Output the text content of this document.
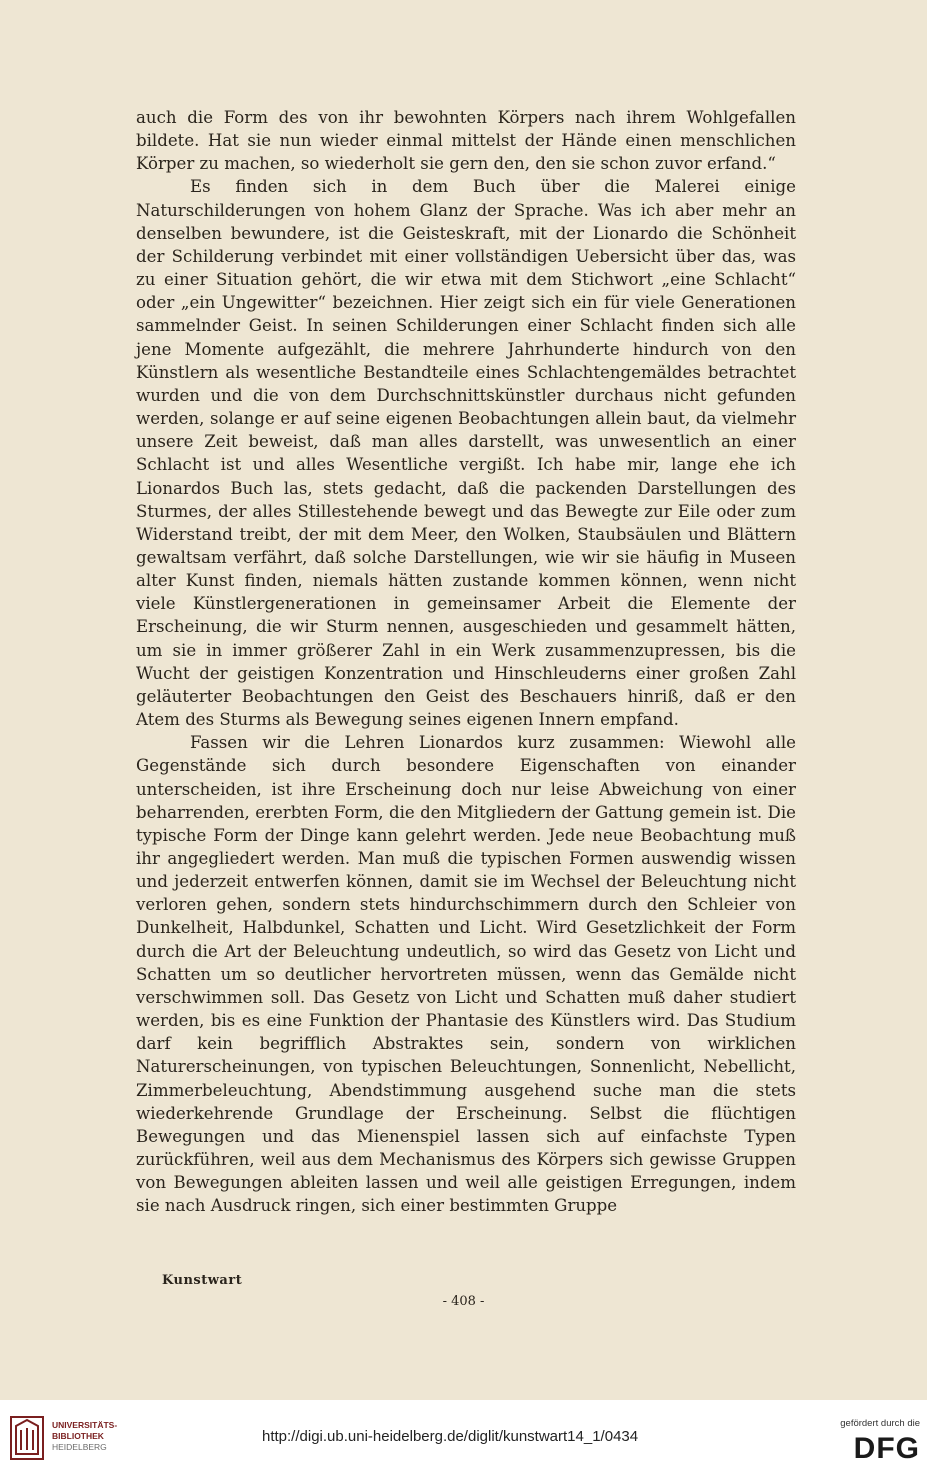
auch die Form des von ihr bewohnten Körpers nach ihrem Wohlgefallen bildete. Hat sie nun wieder einmal mittelst der Hände einen menschlichen Körper zu machen, so wiederholt sie gern den, den sie schon zuvor erfand.“

Es finden sich in dem Buch über die Malerei einige Naturschilderungen von hohem Glanz der Sprache. Was ich aber mehr an denselben bewundere, ist die Geisteskraft, mit der Lionardo die Schönheit der Schilderung verbindet mit einer vollständigen Uebersicht über das, was zu einer Situation gehört, die wir etwa mit dem Stichwort „eine Schlacht“ oder „ein Ungewitter“ bezeichnen. Hier zeigt sich ein für viele Generationen sammelnder Geist. In seinen Schilderungen einer Schlacht finden sich alle jene Momente aufgezählt, die mehrere Jahrhunderte hindurch von den Künstlern als wesentliche Bestandteile eines Schlachtengemäldes betrachtet wurden und die von dem Durchschnittskünstler durchaus nicht gefunden werden, solange er auf seine eigenen Beobachtungen allein baut, da vielmehr unsere Zeit beweist, daß man alles darstellt, was unwesentlich an einer Schlacht ist und alles Wesentliche vergißt. Ich habe mir, lange ehe ich Lionardos Buch las, stets gedacht, daß die packenden Darstellungen des Sturmes, der alles Stillestehende bewegt und das Bewegte zur Eile oder zum Widerstand treibt, der mit dem Meer, den Wolken, Staubsäulen und Blättern gewaltsam verfährt, daß solche Darstellungen, wie wir sie häufig in Museen alter Kunst finden, niemals hätten zustande kommen können, wenn nicht viele Künstlergenerationen in gemeinsamer Arbeit die Elemente der Erscheinung, die wir Sturm nennen, ausgeschieden und gesammelt hätten, um sie in immer größerer Zahl in ein Werk zusammenzupressen, bis die Wucht der geistigen Konzentration und Hinschleuderns einer großen Zahl geläuterter Beobachtungen den Geist des Beschauers hinriß, daß er den Atem des Sturms als Bewegung seines eigenen Innern empfand.

Fassen wir die Lehren Lionardos kurz zusammen: Wiewohl alle Gegenstände sich durch besondere Eigenschaften von einander unterscheiden, ist ihre Erscheinung doch nur leise Abweichung von einer beharrenden, ererbten Form, die den Mitgliedern der Gattung gemein ist. Die typische Form der Dinge kann gelehrt werden. Jede neue Beobachtung muß ihr angegliedert werden. Man muß die typischen Formen auswendig wissen und jederzeit entwerfen können, damit sie im Wechsel der Beleuchtung nicht verloren gehen, sondern stets hindurchschimmern durch den Schleier von Dunkelheit, Halbdunkel, Schatten und Licht. Wird Gesetzlichkeit der Form durch die Art der Beleuchtung undeutlich, so wird das Gesetz von Licht und Schatten um so deutlicher hervortreten müssen, wenn das Gemälde nicht verschwimmen soll. Das Gesetz von Licht und Schatten muß daher studiert werden, bis es eine Funktion der Phantasie des Künstlers wird. Das Studium darf kein begrifflich Abstraktes sein, sondern von wirklichen Naturerscheinungen, von typischen Beleuchtungen, Sonnenlicht, Nebellicht, Zimmerbeleuchtung, Abendstimmung ausgehend suche man die stets wiederkehrende Grundlage der Erscheinung. Selbst die flüchtigen Bewegungen und das Mienenspiel lassen sich auf einfachste Typen zurückführen, weil aus dem Mechanismus des Körpers sich gewisse Gruppen von Bewegungen ableiten lassen und weil alle geistigen Erregungen, indem sie nach Ausdruck ringen, sich einer bestimmten Gruppe

Kunstwart
- 408 -
UNIVERSITÄTS-
BIBLIOTHEK
HEIDELBERG
http://digi.ub.uni-heidelberg.de/diglit/kunstwart14_1/0434
gefördert durch die
DFG
